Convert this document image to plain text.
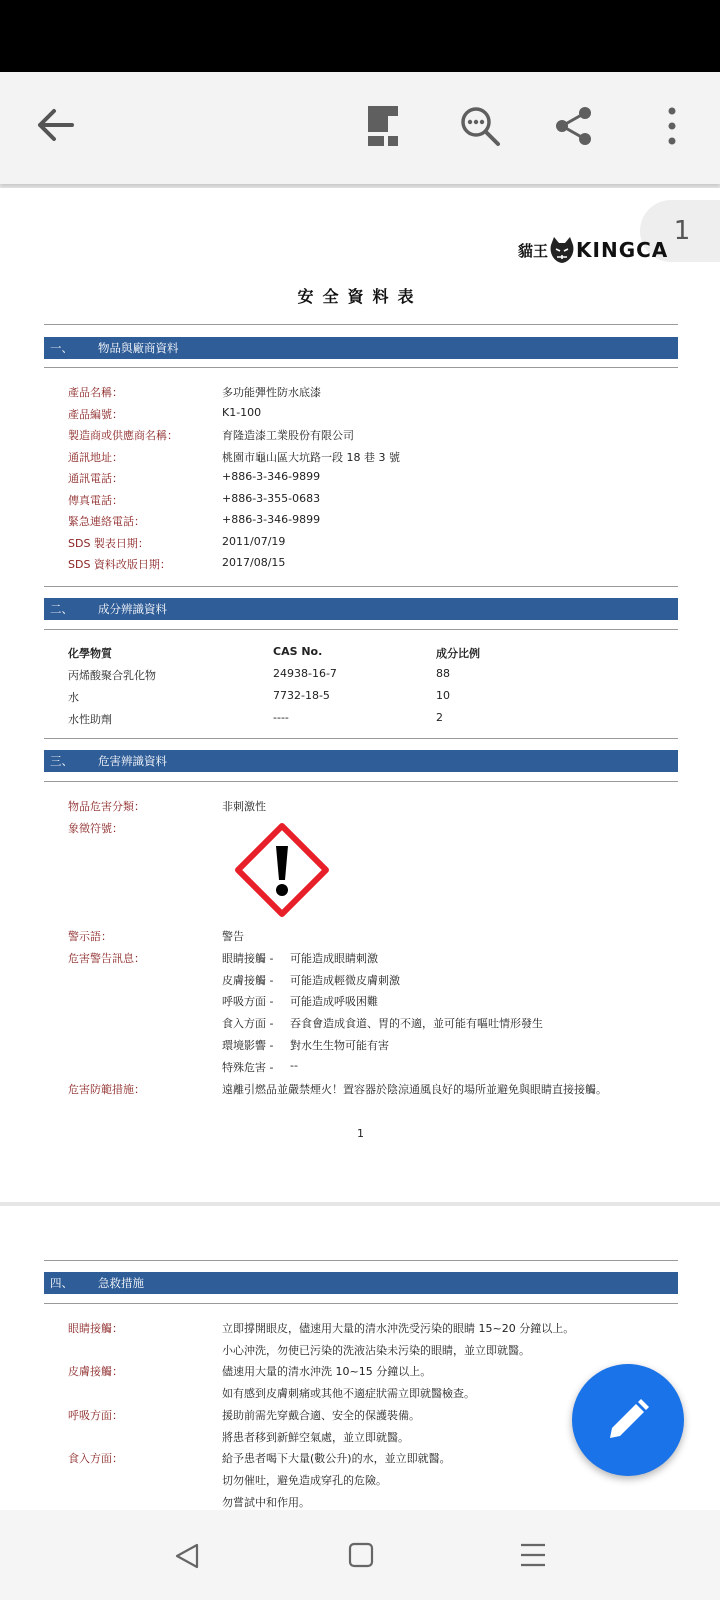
1
貓王 KINGCA
安全資料表
一、	物品與廠商資料
產品名稱：	多功能彈性防水底漆
產品編號：	K1-100
製造商或供應商名稱：	育隆造漆工業股份有限公司
通訊地址：	桃園市龜山區大坑路一段 18 巷 3 號
通訊電話：	+886-3-346-9899
傳真電話：	+886-3-355-0683
緊急連絡電話：	+886-3-346-9899
SDS 製表日期：	2011/07/19
SDS 資料改版日期：	2017/08/15
二、	成分辨識資料
化學物質	CAS No.	成分比例
丙烯酸聚合乳化物	24938-16-7	88
水	7732-18-5	10
水性助劑	----	2
三、	危害辨識資料
物品危害分類：	非刺激性
象徵符號：
警示語：	警告
危害警告訊息：	眼睛接觸 - 可能造成眼睛刺激
皮膚接觸 - 可能造成輕微皮膚刺激
呼吸方面 - 可能造成呼吸困難
食入方面 - 吞食會造成食道、胃的不適，並可能有嘔吐情形發生
環境影響 - 對水生生物可能有害
特殊危害 - --
危害防範措施：	遠離引燃品並嚴禁煙火！置容器於陰涼通風良好的場所並避免與眼睛直接接觸。
1
四、	急救措施
眼睛接觸：	立即撐開眼皮，儘速用大量的清水沖洗受污染的眼睛 15~20 分鐘以上。
小心沖洗，勿使已污染的洗液沾染未污染的眼睛，並立即就醫。
皮膚接觸：	儘速用大量的清水沖洗 10~15 分鐘以上。
如有感到皮膚刺痛或其他不適症狀需立即就醫檢查。
呼吸方面：	援助前需先穿戴合適、安全的保護裝備。
將患者移到新鮮空氣處，並立即就醫。
食入方面：	給予患者喝下大量(數公升)的水，並立即就醫。
切勿催吐，避免造成穿孔的危險。
勿嘗試中和作用。
